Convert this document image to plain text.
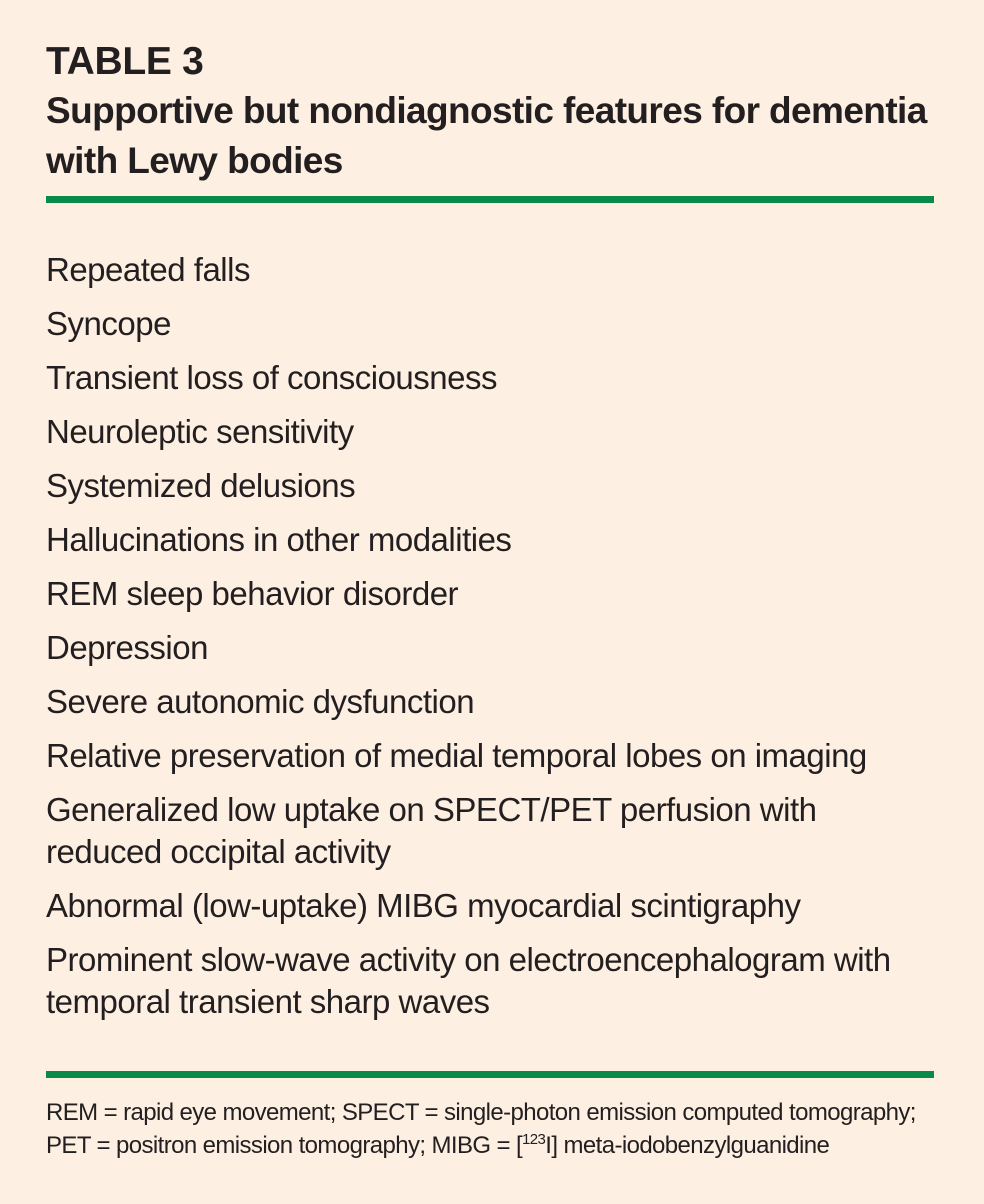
TABLE 3
Supportive but nondiagnostic features for dementia with Lewy bodies
Repeated falls
Syncope
Transient loss of consciousness
Neuroleptic sensitivity
Systemized delusions
Hallucinations in other modalities
REM sleep behavior disorder
Depression
Severe autonomic dysfunction
Relative preservation of medial temporal lobes on imaging
Generalized low uptake on SPECT/PET perfusion with reduced occipital activity
Abnormal (low-uptake) MIBG myocardial scintigraphy
Prominent slow-wave activity on electroencephalogram with temporal transient sharp waves

REM = rapid eye movement; SPECT = single-photon emission computed tomography;
PET = positron emission tomography; MIBG = [$^{123}$I] meta-iodobenzylguanidine
